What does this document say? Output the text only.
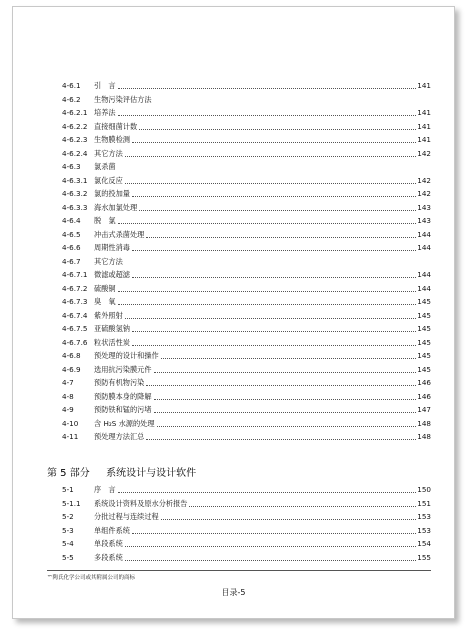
4-6.1	引　言	141
4-6.2	生物污染评估方法
4-6.2.1 培养法	141
4-6.2.2 直接细菌计数	141
4-6.2.3 生物膜检测	141
4-6.2.4 其它方法	142
4-6.3	氯杀菌
4-6.3.1 氯化反应	142
4-6.3.2 氯的投加量	142
4-6.3.3 海水加氯处理	143
4-6.4	脱　氯	143
4-6.5	冲击式杀菌处理	144
4-6.6	周期性消毒	144
4-6.7	其它方法
4-6.7.1 微滤或超滤	144
4-6.7.2 硫酸铜	144
4-6.7.3 臭　氧	145
4-6.7.4 紫外照射	145
4-6.7.5 亚硫酸氢钠	145
4-6.7.6 粒状活性炭	145
4-6.8	预处理的设计和操作	145
4-6.9	选用抗污染膜元件	145
4-7	预防有机物污染	146
4-8	预防膜本身的降解	146
4-9	预防铁和锰的污堵	147
4-10	含 H₂S 水源的处理	148
4-11	预处理方法汇总	148
5-1	序　言	150
5-1.1	系统设计资料及原水分析报告	151
5-2	分批过程与连续过程	153
5-3	单组件系统	153
5-4	单段系统	154
5-5	多段系统	155
第 5 部分 系统设计与设计软件
™陶氏化学公司或其附属公司的商标
目录-5
